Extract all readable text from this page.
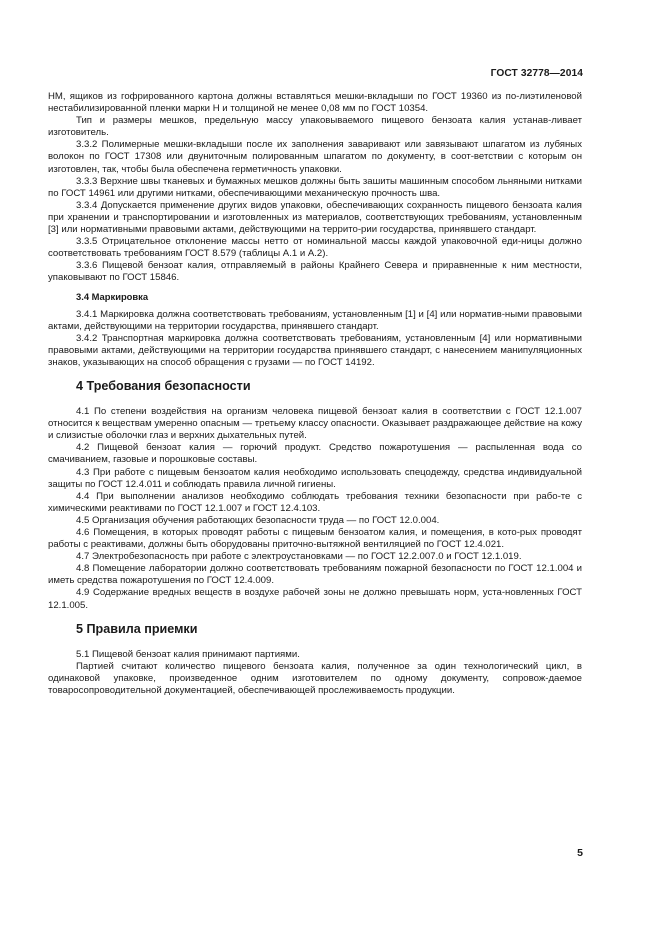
ГОСТ 32778—2014

НМ, ящиков из гофрированного картона должны вставляться мешки-вкладыши по ГОСТ 19360 из по-лиэтиленовой нестабилизированной пленки марки Н и толщиной не менее 0,08 мм по ГОСТ 10354.

Тип и размеры мешков, предельную массу упаковываемого пищевого бензоата калия устанав-ливает изготовитель.

3.3.2 Полимерные мешки-вкладыши после их заполнения заваривают или завязывают шпагатом из лубяных волокон по ГОСТ 17308 или двуниточным полированным шпагатом по документу, в соот-ветствии с которым он изготовлен, так, чтобы была обеспечена герметичность упаковки.

3.3.3 Верхние швы тканевых и бумажных мешков должны быть зашиты машинным способом льняными нитками по ГОСТ 14961 или другими нитками, обеспечивающими механическую прочность шва.

3.3.4 Допускается применение других видов упаковки, обеспечивающих сохранность пищевого бензоата калия при хранении и транспортировании и изготовленных из материалов, соответствующих требованиям, установленным [3] или нормативными правовыми актами, действующими на террито-рии государства, принявшего стандарт.

3.3.5 Отрицательное отклонение массы нетто от номинальной массы каждой упаковочной еди-ницы должно соответствовать требованиям ГОСТ 8.579 (таблицы А.1 и А.2).

3.3.6 Пищевой бензоат калия, отправляемый в районы Крайнего Севера и приравненные к ним местности, упаковывают по ГОСТ 15846.

3.4 Маркировка

3.4.1 Маркировка должна соответствовать требованиям, установленным [1] и [4] или норматив-ными правовыми актами, действующими на территории государства, принявшего стандарт.

3.4.2 Транспортная маркировка должна соответствовать требованиям, установленным [4] или нормативными правовыми актами, действующими на территории государства принявшего стандарт, с нанесением манипуляционных знаков, указывающих на способ обращения с грузами — по ГОСТ 14192.

4 Требования безопасности

4.1 По степени воздействия на организм человека пищевой бензоат калия в соответствии с ГОСТ 12.1.007 относится к веществам умеренно опасным — третьему классу опасности. Оказывает раздражающее действие на кожу и слизистые оболочки глаз и верхних дыхательных путей.

4.2 Пищевой бензоат калия — горючий продукт. Средство пожаротушения — распыленная вода со смачиванием, газовые и порошковые составы.

4.3 При работе с пищевым бензоатом калия необходимо использовать спецодежду, средства индивидуальной защиты по ГОСТ 12.4.011 и соблюдать правила личной гигиены.

4.4 При выполнении анализов необходимо соблюдать требования техники безопасности при рабо-те с химическими реактивами по ГОСТ 12.1.007 и ГОСТ 12.4.103.

4.5 Организация обучения работающих безопасности труда — по ГОСТ 12.0.004.

4.6 Помещения, в которых проводят работы с пищевым бензоатом калия, и помещения, в кото-рых проводят работы с реактивами, должны быть оборудованы приточно-вытяжной вентиляцией по ГОСТ 12.4.021.

4.7 Электробезопасность при работе с электроустановками — по ГОСТ 12.2.007.0 и ГОСТ 12.1.019.

4.8 Помещение лаборатории должно соответствовать требованиям пожарной безопасности по ГОСТ 12.1.004 и иметь средства пожаротушения по ГОСТ 12.4.009.

4.9 Содержание вредных веществ в воздухе рабочей зоны не должно превышать норм, уста-новленных ГОСТ 12.1.005.

5 Правила приемки

5.1 Пищевой бензоат калия принимают партиями.

Партией считают количество пищевого бензоата калия, полученное за один технологический цикл, в одинаковой упаковке, произведенное одним изготовителем по одному документу, сопровож-даемое товаросопроводительной документацией, обеспечивающей прослеживаемость продукции.

5
